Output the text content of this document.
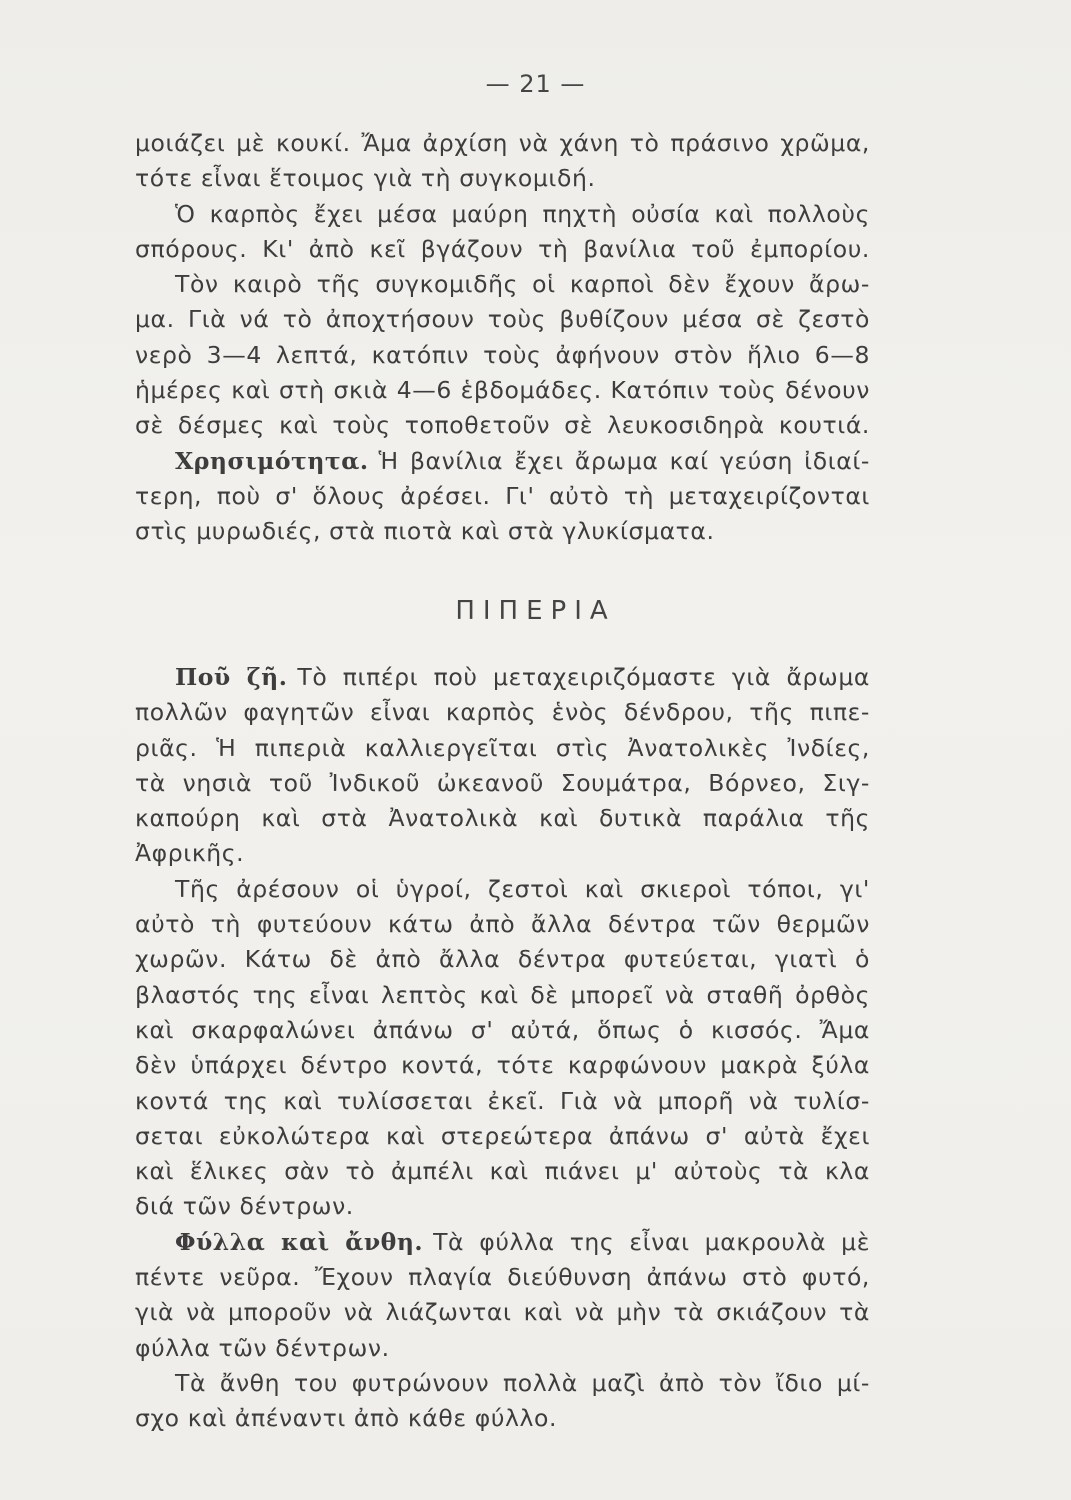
— 21 —
μοιάζει μὲ κουκί. Ἄμα ἀρχίση νὰ χάνη τὸ πράσινο χρῶμα,
τότε εἶναι ἕτοιμος γιὰ τὴ συγκομιδή.
Ὁ καρπὸς ἔχει μέσα μαύρη πηχτὴ οὐσία καὶ πολλοὺς
σπόρους. Κι' ἀπὸ κεῖ βγάζουν τὴ βανίλια τοῦ ἐμπορίου.
Τὸν καιρὸ τῆς συγκομιδῆς οἱ καρποὶ δὲν ἔχουν ἄρω-
μα. Γιὰ νά τὸ ἀποχτήσουν τοὺς βυθίζουν μέσα σὲ ζεστὸ
νερὸ 3—4 λεπτά, κατόπιν τοὺς ἀφήνουν στὸν ἥλιο 6—8
ἡμέρες καὶ στὴ σκιὰ 4—6 ἑβδομάδες. Κατόπιν τοὺς δένουν
σὲ δέσμες καὶ τοὺς τοποθετοῦν σὲ λευκοσιδηρὰ κουτιά.
Χρησιμότητα. Ἡ βανίλια ἔχει ἄρωμα καί γεύση ἰδιαί-
τερη, ποὺ σ' ὅλους ἀρέσει. Γι' αὐτὸ τὴ μεταχειρίζονται
στὶς μυρωδιές, στὰ πιοτὰ καὶ στὰ γλυκίσματα.
ΠΙΠΕΡΙΑ
Ποῦ ζῆ. Τὸ πιπέρι ποὺ μεταχειριζόμαστε γιὰ ἄρωμα
πολλῶν φαγητῶν εἶναι καρπὸς ἑνὸς δένδρου, τῆς πιπε-
ριᾶς. Ἡ πιπεριὰ καλλιεργεῖται στὶς Ἀνατολικὲς Ἰνδίες,
τὰ νησιὰ τοῦ Ἰνδικοῦ ὠκεανοῦ Σουμάτρα, Βόρνεο, Σιγ-
καπούρη καὶ στὰ Ἀνατολικὰ καὶ δυτικὰ παράλια τῆς
Ἀφρικῆς.
Τῆς ἀρέσουν οἱ ὑγροί, ζεστοὶ καὶ σκιεροὶ τόποι, γι'
αὐτὸ τὴ φυτεύουν κάτω ἀπὸ ἄλλα δέντρα τῶν θερμῶν
χωρῶν. Κάτω δὲ ἀπὸ ἄλλα δέντρα φυτεύεται, γιατὶ ὁ
βλαστός της εἶναι λεπτὸς καὶ δὲ μπορεῖ νὰ σταθῆ ὀρθὸς
καὶ σκαρφαλώνει ἀπάνω σ' αὐτά, ὅπως ὁ κισσός. Ἄμα
δὲν ὑπάρχει δέντρο κοντά, τότε καρφώνουν μακρὰ ξύλα
κοντά της καὶ τυλίσσεται ἐκεῖ. Γιὰ νὰ μπορῆ νὰ τυλίσ-
σεται εὐκολώτερα καὶ στερεώτερα ἀπάνω σ' αὐτὰ ἔχει
καὶ ἕλικες σὰν τὸ ἀμπέλι καὶ πιάνει μ' αὐτοὺς τὰ κλα
διά τῶν δέντρων.
Φύλλα καὶ ἄνθη. Τὰ φύλλα της εἶναι μακρουλὰ μὲ
πέντε νεῦρα. Ἔχουν πλαγία διεύθυνση ἀπάνω στὸ φυτό,
γιὰ νὰ μποροῦν νὰ λιάζωνται καὶ νὰ μὴν τὰ σκιάζουν τὰ
φύλλα τῶν δέντρων.
Τὰ ἄνθη του φυτρώνουν πολλὰ μαζὶ ἀπὸ τὸν ἴδιο μί-
σχο καὶ ἀπέναντι ἀπὸ κάθε φύλλο.
